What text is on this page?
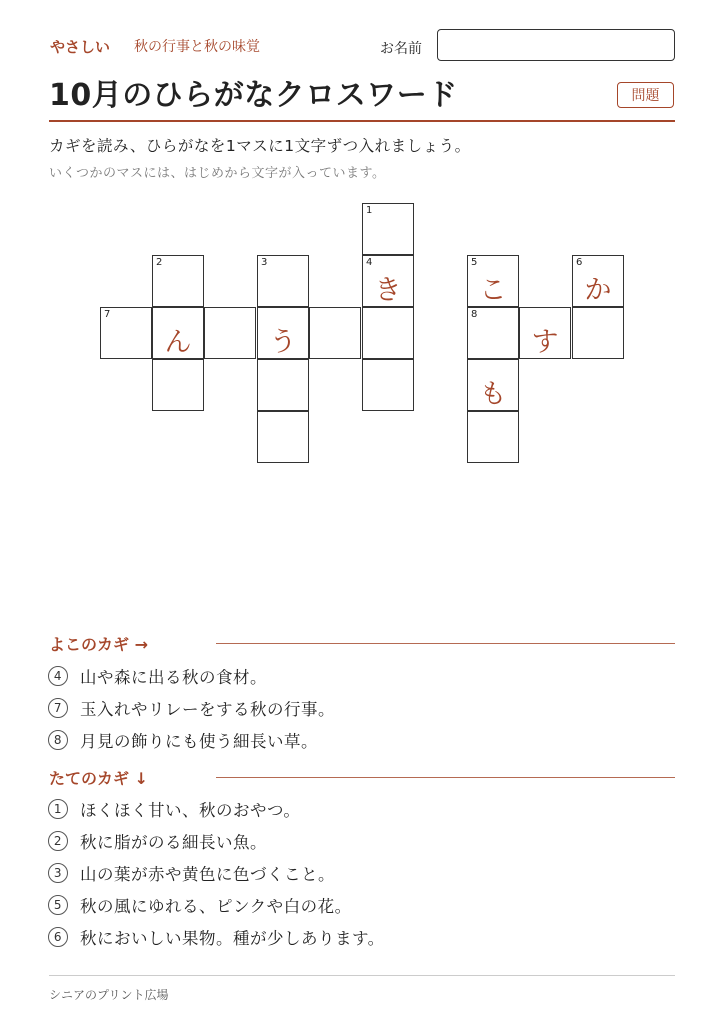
やさしい 秋の行事と秋の味覚	お名前
10月のひらがなクロスワード	問題
カギを読み、ひらがなを1マスに1文字ずつ入れましょう。
いくつかのマスには、はじめから文字が入っています。
1
2	3	4
き
5
こ
6
か
7
ん	う
8
す
も
よこのカギ →
4	山や森に出る秋の食材。
7	玉入れやリレーをする秋の行事。
8	月見の飾りにも使う細長い草。
たてのカギ ↓
1	ほくほく甘い、秋のおやつ。
2	秋に脂がのる細長い魚。
3	山の葉が赤や黄色に色づくこと。
5	秋の風にゆれる、ピンクや白の花。
6	秋においしい果物。種が少しあります。
シニアのプリント広場
